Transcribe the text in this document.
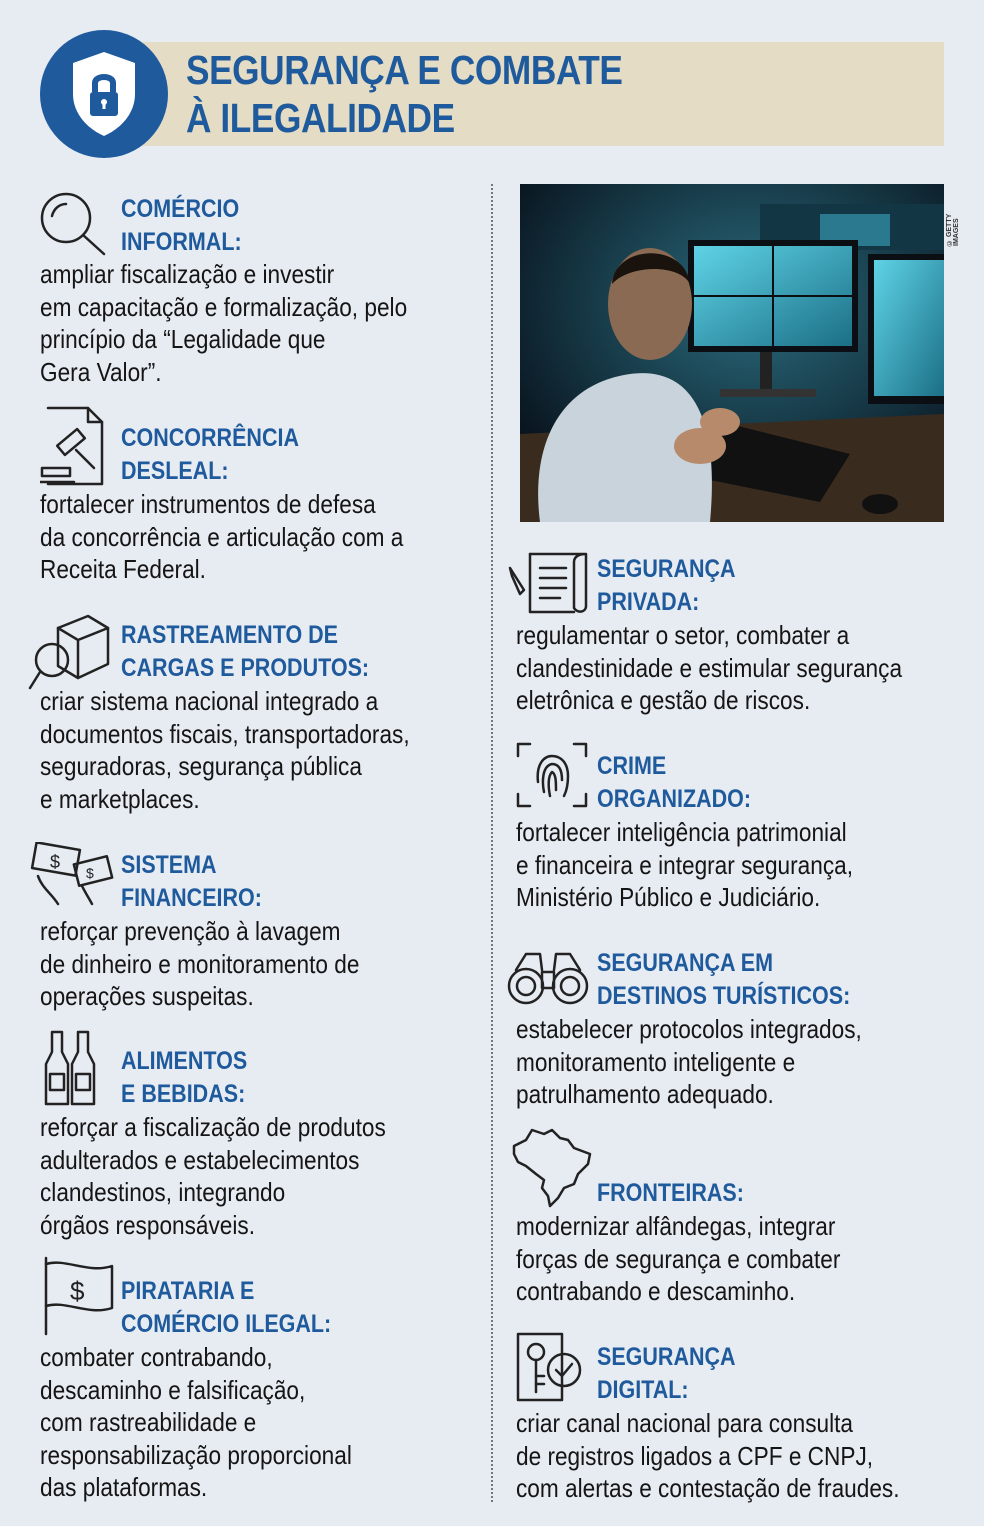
SEGURANÇA E COMBATE
À ILEGALIDADE
© GETTY IMAGES
COMÉRCIO
INFORMAL:

ampliar fiscalização e investir
em capacitação e formalização, pelo
princípio da “Legalidade que
Gera Valor”.

CONCORRÊNCIA
DESLEAL:

fortalecer instrumentos de defesa
da concorrência e articulação com a
Receita Federal.

RASTREAMENTO DE
CARGAS E PRODUTOS:

criar sistema nacional integrado a
documentos fiscais, transportadoras,
seguradoras, segurança pública
e marketplaces.

$
$ SISTEMA
FINANCEIRO:

reforçar prevenção à lavagem
de dinheiro e monitoramento de
operações suspeitas.

ALIMENTOS
E BEBIDAS:

reforçar a fiscalização de produtos
adulterados e estabelecimentos
clandestinos, integrando
órgãos responsáveis.

$ PIRATARIA E
COMÉRCIO ILEGAL:

combater contrabando,
descaminho e falsificação,
com rastreabilidade e
responsabilização proporcional
das plataformas.

SEGURANÇA
PRIVADA:

regulamentar o setor, combater a
clandestinidade e estimular segurança
eletrônica e gestão de riscos.

CRIME
ORGANIZADO:

fortalecer inteligência patrimonial
e financeira e integrar segurança,
Ministério Público e Judiciário.

SEGURANÇA EM
DESTINOS TURÍSTICOS:

estabelecer protocolos integrados,
monitoramento inteligente e
patrulhamento adequado.

FRONTEIRAS:

modernizar alfândegas, integrar
forças de segurança e combater
contrabando e descaminho.

SEGURANÇA
DIGITAL:

criar canal nacional para consulta
de registros ligados a CPF e CNPJ,
com alertas e contestação de fraudes.
